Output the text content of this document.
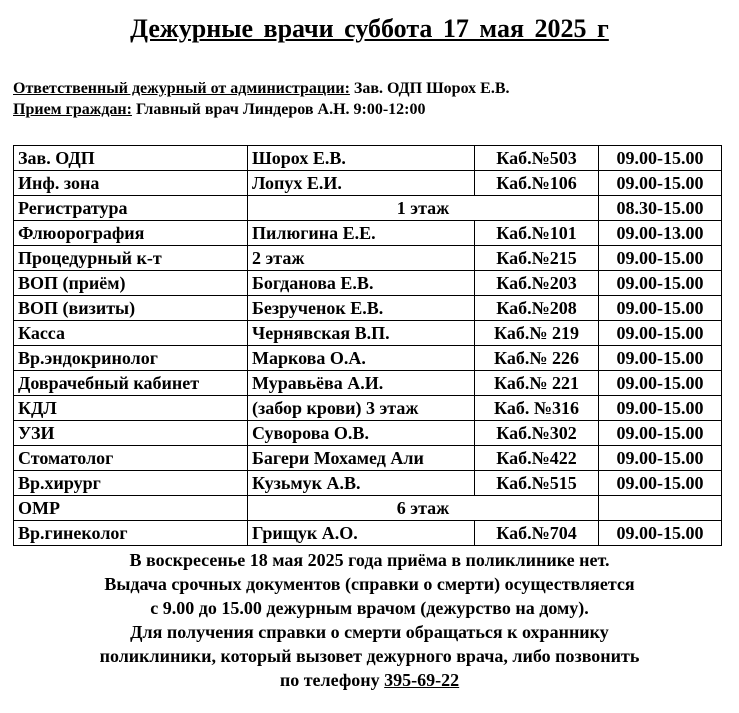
Дежурные врачи суббота 17 мая 2025 г
Ответственный дежурный от администрации: Зав. ОДП Шорох Е.В.
Прием граждан: Главный врач Линдеров А.Н. 9:00-12:00
Зав. ОДП	Шорох Е.В.	Каб.№503	09.00-15.00
Инф. зона	Лопух Е.И.	Каб.№106	09.00-15.00
Регистратура	1 этаж		08.30-15.00
Флюорография	Пилюгина Е.Е.	Каб.№101	09.00-13.00
Процедурный к-т	2 этаж	Каб.№215	09.00-15.00
ВОП (приём)	Богданова Е.В.	Каб.№203	09.00-15.00
ВОП (визиты)	Безрученок Е.В.	Каб.№208	09.00-15.00
Касса	Чернявская В.П.	Каб.№ 219	09.00-15.00
Вр.эндокринолог	Маркова О.А.	Каб.№ 226	09.00-15.00
Доврачебный кабинет	Муравьёва А.И.	Каб.№ 221	09.00-15.00
КДЛ	(забор крови) 3 этаж	Каб. №316	09.00-15.00
УЗИ	Суворова О.В.	Каб.№302	09.00-15.00
Стоматолог	Багери Мохамед Али	Каб.№422	09.00-15.00
Вр.хирург	Кузьмук А.В.	Каб.№515	09.00-15.00
ОМР	6 этаж		
Вр.гинеколог	Грищук А.О.	Каб.№704	09.00-15.00
В воскресенье 18 мая 2025 года приёма в поликлинике нет.
Выдача срочных документов (справки о смерти) осуществляется
с 9.00 до 15.00 дежурным врачом (дежурство на дому).
Для получения справки о смерти обращаться к охраннику
поликлиники, который вызовет дежурного врача, либо позвонить
по телефону 395-69-22
